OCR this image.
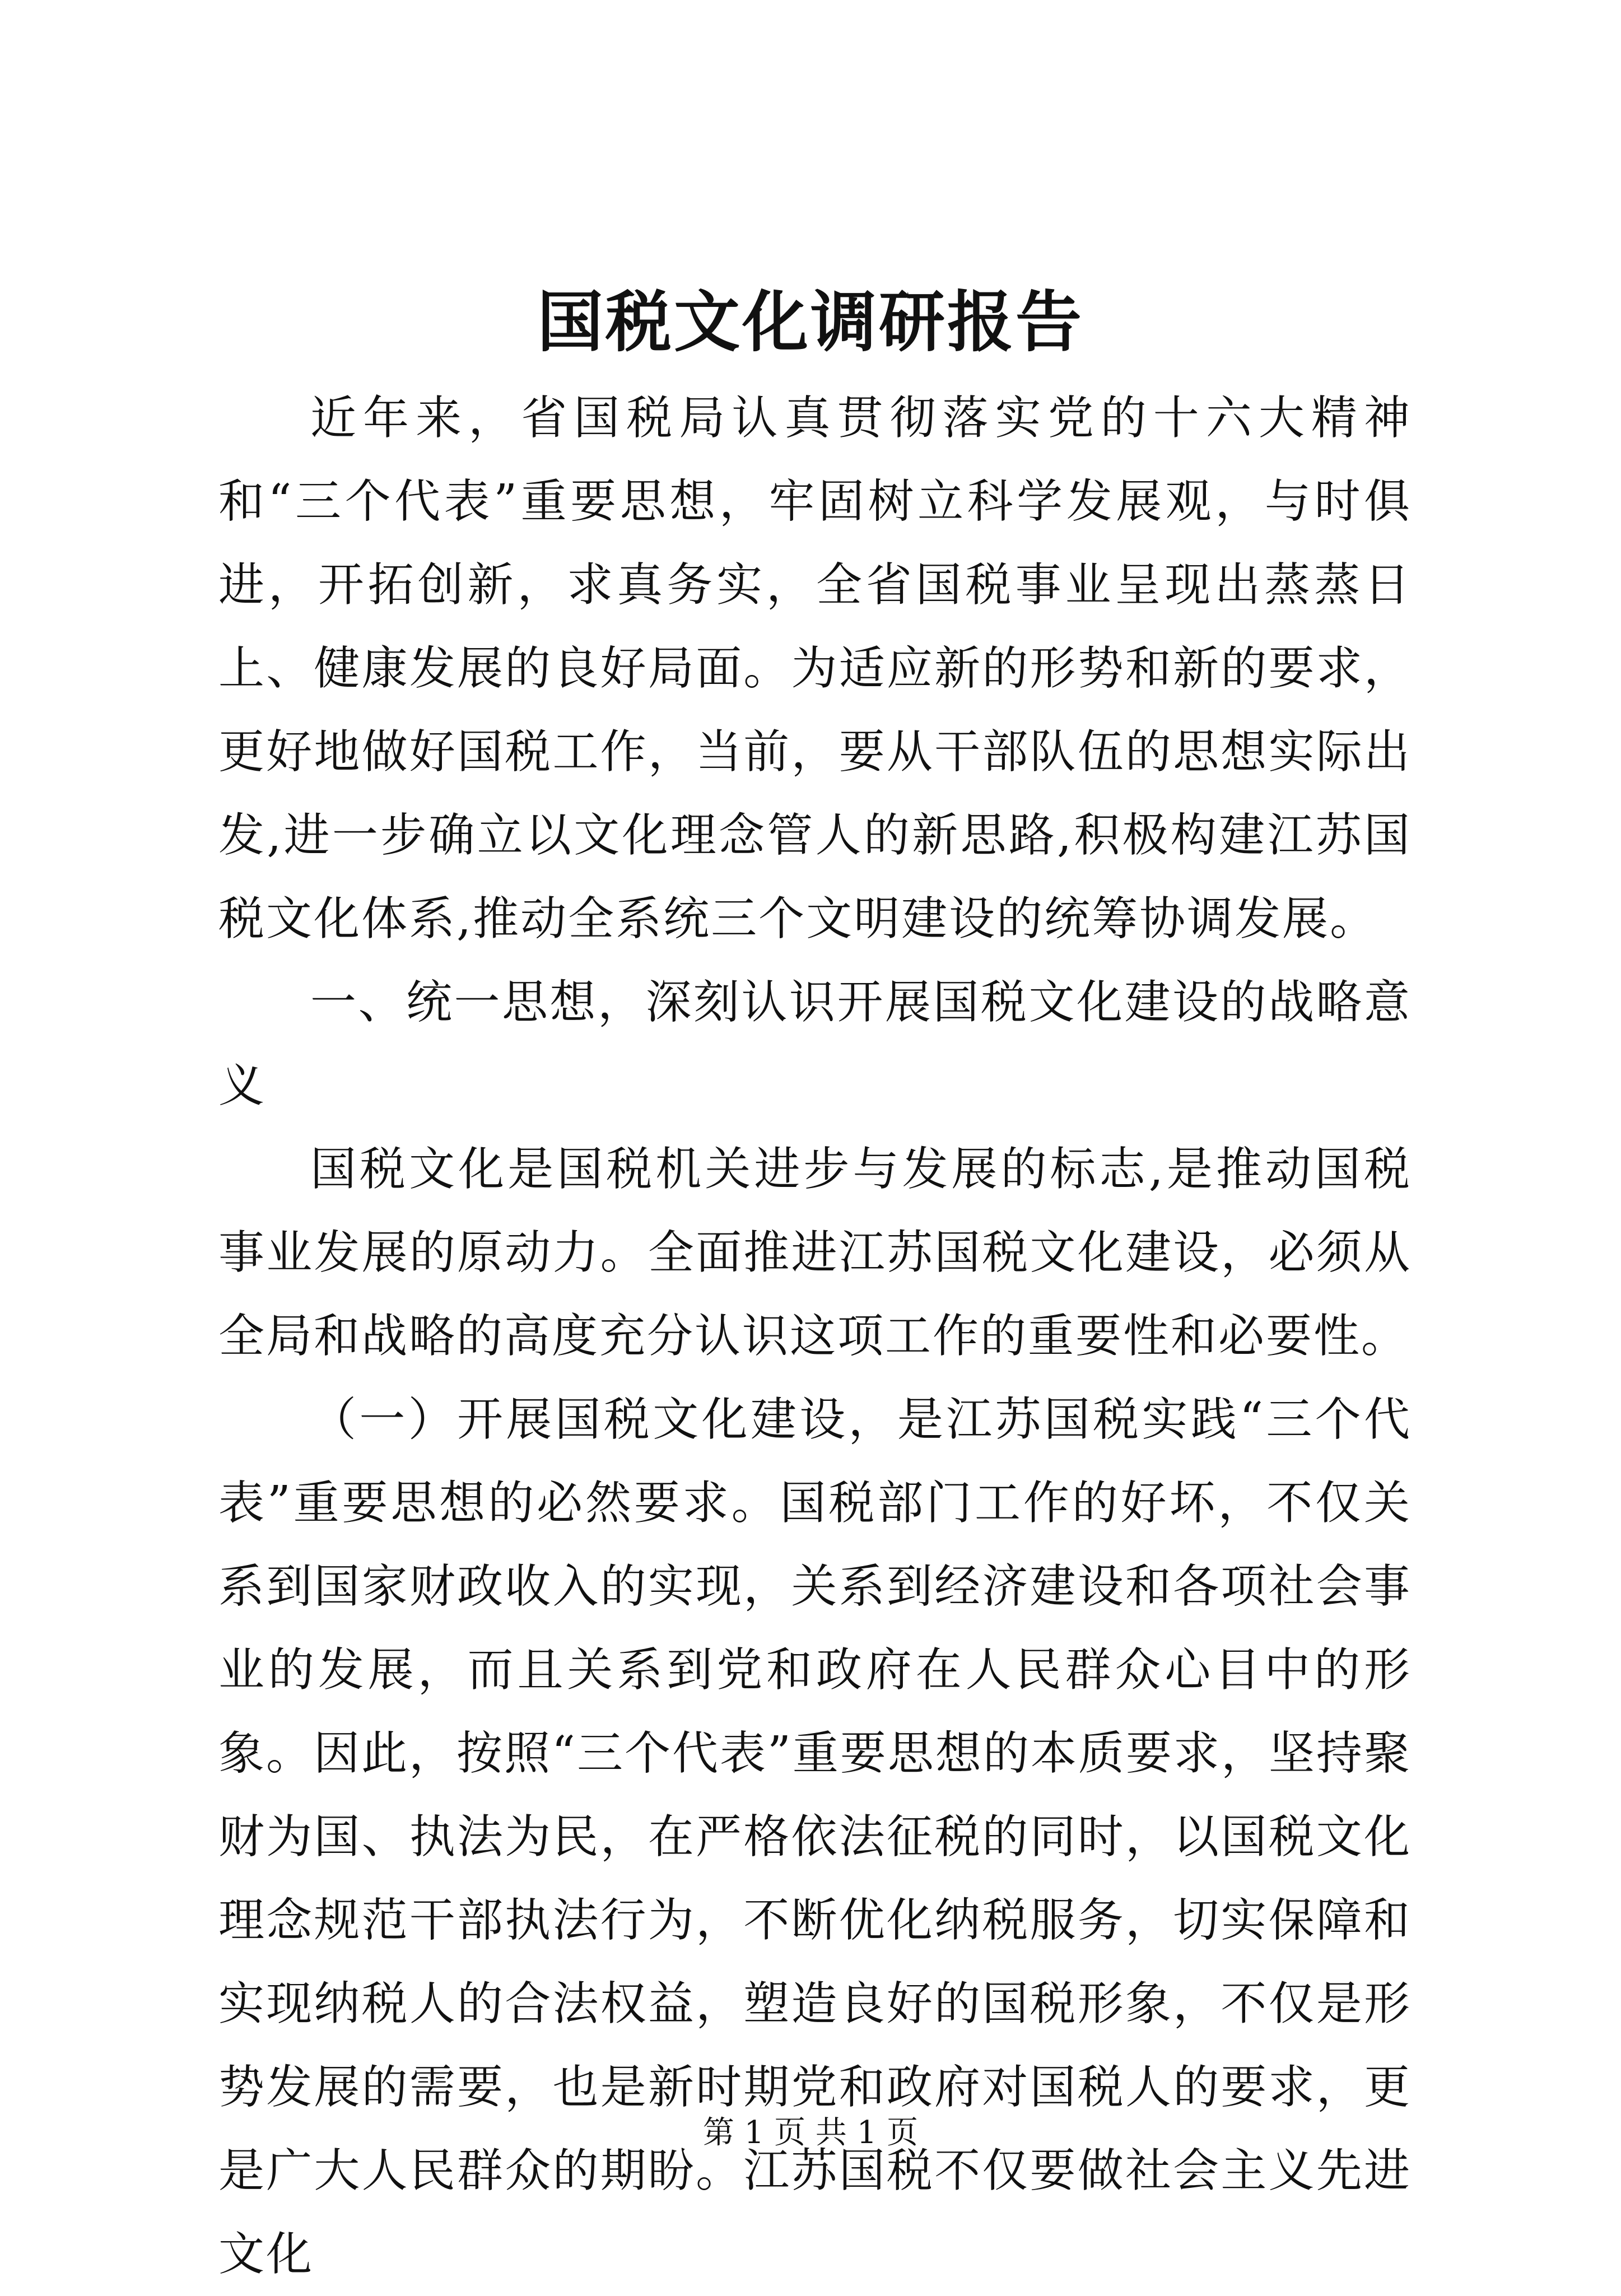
国税文化调研报告

近年来，省国税局认真贯彻落实党的十六大精神和“三个代表”重要思想，牢固树立科学发展观，与时俱进，开拓创新，求真务实，全省国税事业呈现出蒸蒸日上、健康发展的良好局面。为适应新的形势和新的要求，更好地做好国税工作，当前，要从干部队伍的思想实际出发,进一步确立以文化理念管人的新思路,积极构建江苏国税文化体系,推动全系统三个文明建设的统筹协调发展。

一、统一思想，深刻认识开展国税文化建设的战略意义

国税文化是国税机关进步与发展的标志,是推动国税事业发展的原动力。全面推进江苏国税文化建设，必须从全局和战略的高度充分认识这项工作的重要性和必要性。

（一）开展国税文化建设，是江苏国税实践“三个代表”重要思想的必然要求。国税部门工作的好坏，不仅关系到国家财政收入的实现，关系到经济建设和各项社会事业的发展，而且关系到党和政府在人民群众心目中的形象。因此，按照“三个代表”重要思想的本质要求，坚持聚财为国、执法为民，在严格依法征税的同时，以国税文化理念规范干部执法行为，不断优化纳税服务，切实保障和实现纳税人的合法权益，塑造良好的国税形象，不仅是形势发展的需要，也是新时期党和政府对国税人的要求，更是广大人民群众的期盼。江苏国税不仅要做社会主义先进文化

第 1 页 共 1 页
